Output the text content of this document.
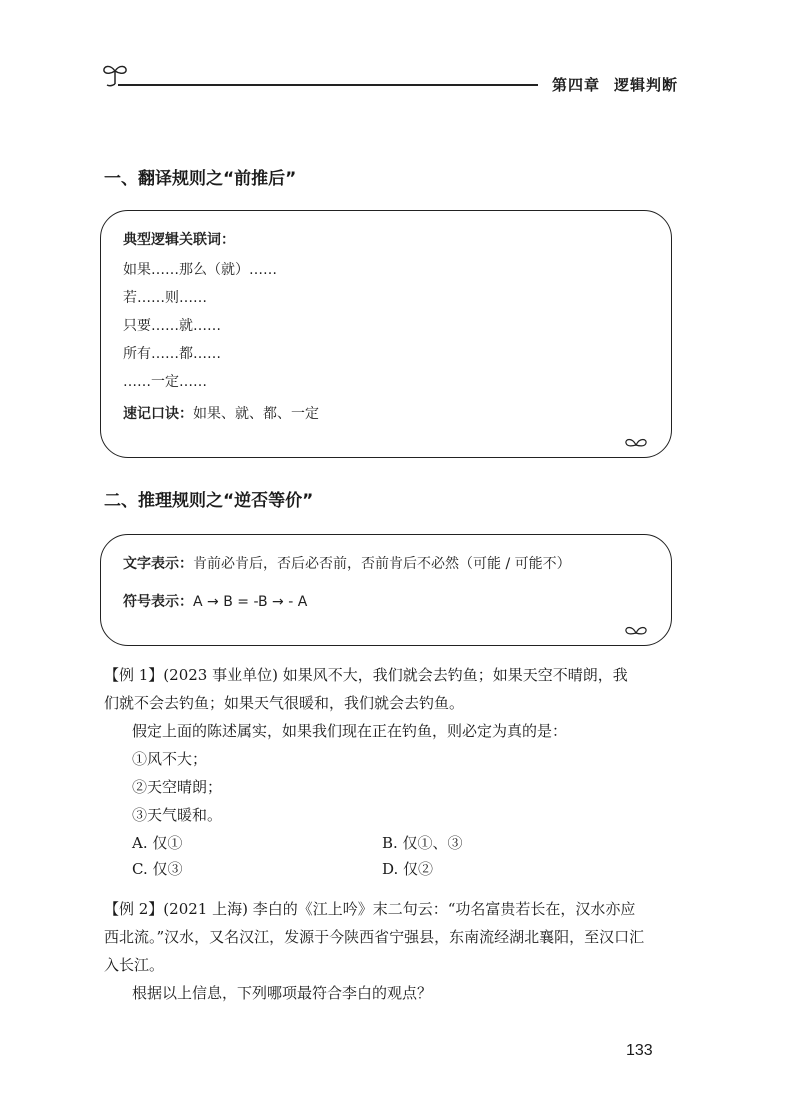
第四章 逻辑判断
一、翻译规则之“前推后”
典型逻辑关联词：
如果……那么（就）……
若……则……
只要……就……
所有……都……
……一定……
速记口诀：如果、就、都、一定
二、推理规则之“逆否等价”
文字表示：肯前必肯后，否后必否前，否前肯后不必然（可能 / 可能不）
符号表示：A → B = -B → - A
【例 1】(2023 事业单位) 如果风不大，我们就会去钓鱼；如果天空不晴朗，我
们就不会去钓鱼；如果天气很暖和，我们就会去钓鱼。
假定上面的陈述属实，如果我们现在正在钓鱼，则必定为真的是：
①风不大；
②天空晴朗；
③天气暖和。
A. 仅①	B. 仅①、③
C. 仅③	D. 仅②
【例 2】(2021 上海) 李白的《江上吟》末二句云：“功名富贵若长在，汉水亦应
西北流。”汉水，又名汉江，发源于今陕西省宁强县，东南流经湖北襄阳，至汉口汇
入长江。
根据以上信息，下列哪项最符合李白的观点？
133
